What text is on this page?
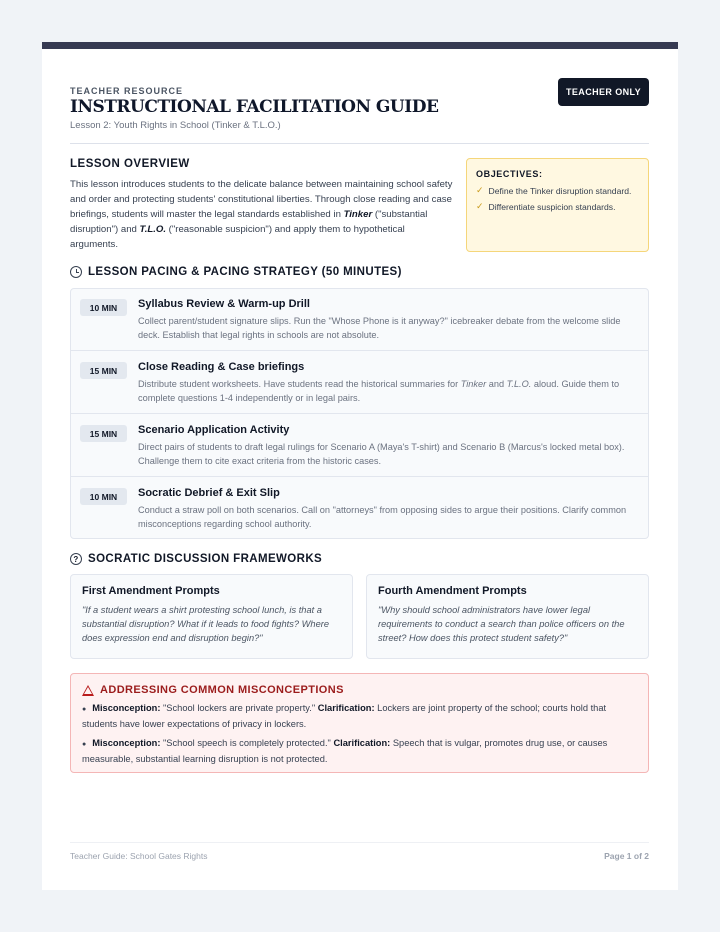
TEACHER RESOURCE
INSTRUCTIONAL FACILITATION GUIDE
Lesson 2: Youth Rights in School (Tinker & T.L.O.)
TEACHER ONLY
LESSON OVERVIEW
This lesson introduces students to the delicate balance between maintaining school safety and order and protecting students' constitutional liberties. Through close reading and case briefings, students will master the legal standards established in Tinker ("substantial disruption") and T.L.O. ("reasonable suspicion") and apply them to hypothetical arguments.
OBJECTIVES:
✓ Define the Tinker disruption standard.
✓ Differentiate suspicion standards.
LESSON PACING & PACING STRATEGY (50 MINUTES)
10 MIN	Syllabus Review & Warm-up Drill
Collect parent/student signature slips. Run the "Whose Phone is it anyway?" icebreaker debate from the welcome slide deck. Establish that legal rights in schools are not absolute.
15 MIN	Close Reading & Case briefings
Distribute student worksheets. Have students read the historical summaries for Tinker and T.L.O. aloud. Guide them to complete questions 1-4 independently or in legal pairs.
15 MIN	Scenario Application Activity
Direct pairs of students to draft legal rulings for Scenario A (Maya's T-shirt) and Scenario B (Marcus's locked metal box). Challenge them to cite exact criteria from the historic cases.
10 MIN	Socratic Debrief & Exit Slip
Conduct a straw poll on both scenarios. Call on "attorneys" from opposing sides to argue their positions. Clarify common misconceptions regarding school authority.
? SOCRATIC DISCUSSION FRAMEWORKS
First Amendment Prompts
"If a student wears a shirt protesting school lunch, is that a substantial disruption? What if it leads to food fights? Where does expression end and disruption begin?"
Fourth Amendment Prompts
"Why should school administrators have lower legal requirements to conduct a search than police officers on the street? How does this protect student safety?"
ADDRESSING COMMON MISCONCEPTIONS
● Misconception: "School lockers are private property." Clarification: Lockers are joint property of the school; courts hold that students have lower expectations of privacy in lockers.
● Misconception: "School speech is completely protected." Clarification: Speech that is vulgar, promotes drug use, or causes measurable, substantial learning disruption is not protected.
Teacher Guide: School Gates Rights	Page 1 of 2
